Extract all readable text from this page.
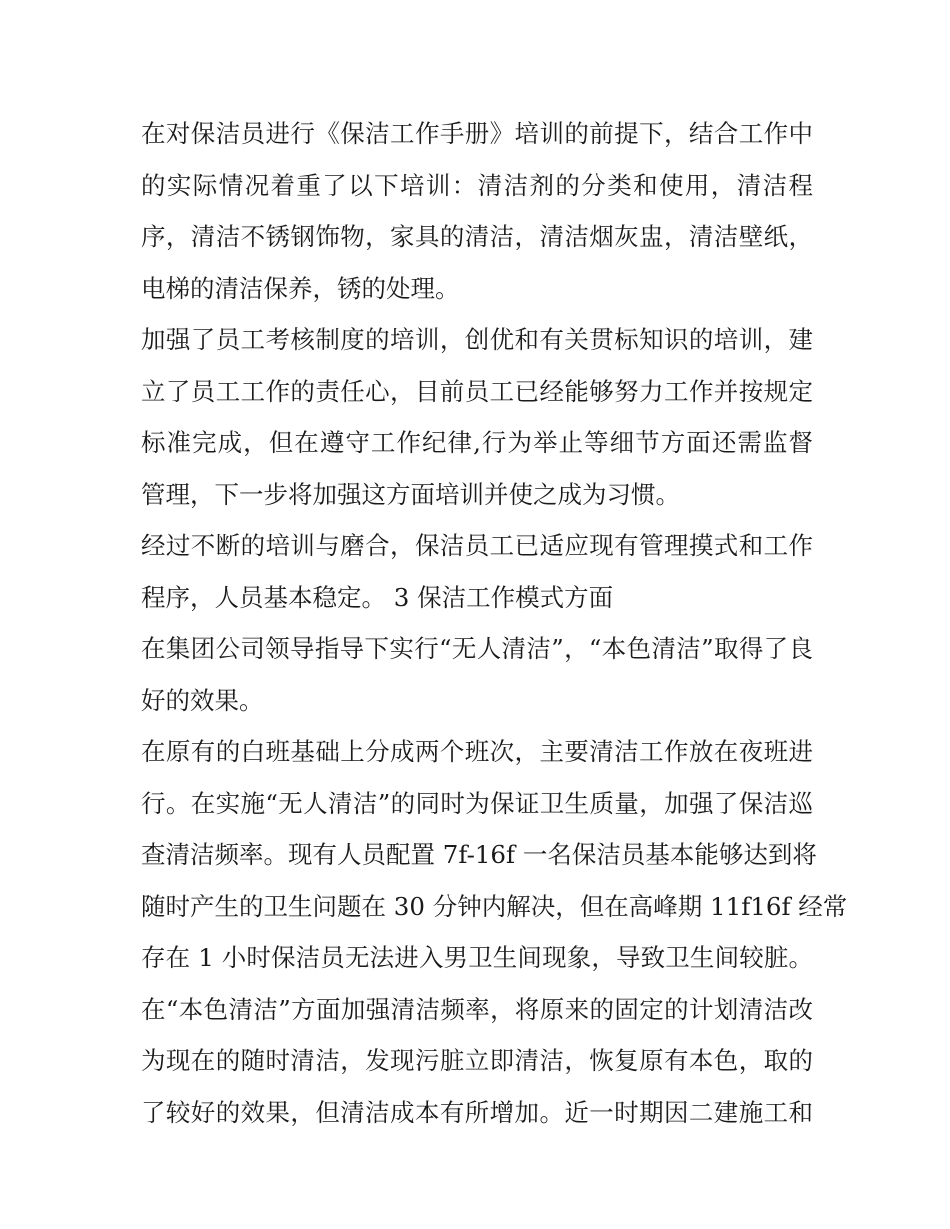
在对保洁员进行《保洁工作手册》培训的前提下，结合工作中
的实际情况着重了以下培训：清洁剂的分类和使用，清洁程
序，清洁不锈钢饰物，家具的清洁，清洁烟灰盅，清洁壁纸，
电梯的清洁保养，锈的处理。
加强了员工考核制度的培训，创优和有关贯标知识的培训，建
立了员工工作的责任心，目前员工已经能够努力工作并按规定
标准完成，但在遵守工作纪律,行为举止等细节方面还需监督
管理，下一步将加强这方面培训并使之成为习惯。
经过不断的培训与磨合，保洁员工已适应现有管理摸式和工作
程序，人员基本稳定。 3 保洁工作模式方面
在集团公司领导指导下实行“无人清洁”，“本色清洁”取得了良
好的效果。
在原有的白班基础上分成两个班次，主要清洁工作放在夜班进
行。在实施“无人清洁”的同时为保证卫生质量，加强了保洁巡
查清洁频率。现有人员配置 7f-16f 一名保洁员基本能够达到将
随时产生的卫生问题在 30 分钟内解决，但在高峰期 11f16f 经常
存在 1 小时保洁员无法进入男卫生间现象，导致卫生间较脏。
在“本色清洁”方面加强清洁频率，将原来的固定的计划清洁改
为现在的随时清洁，发现污脏立即清洁，恢复原有本色，取的
了较好的效果，但清洁成本有所增加。近一时期因二建施工和
